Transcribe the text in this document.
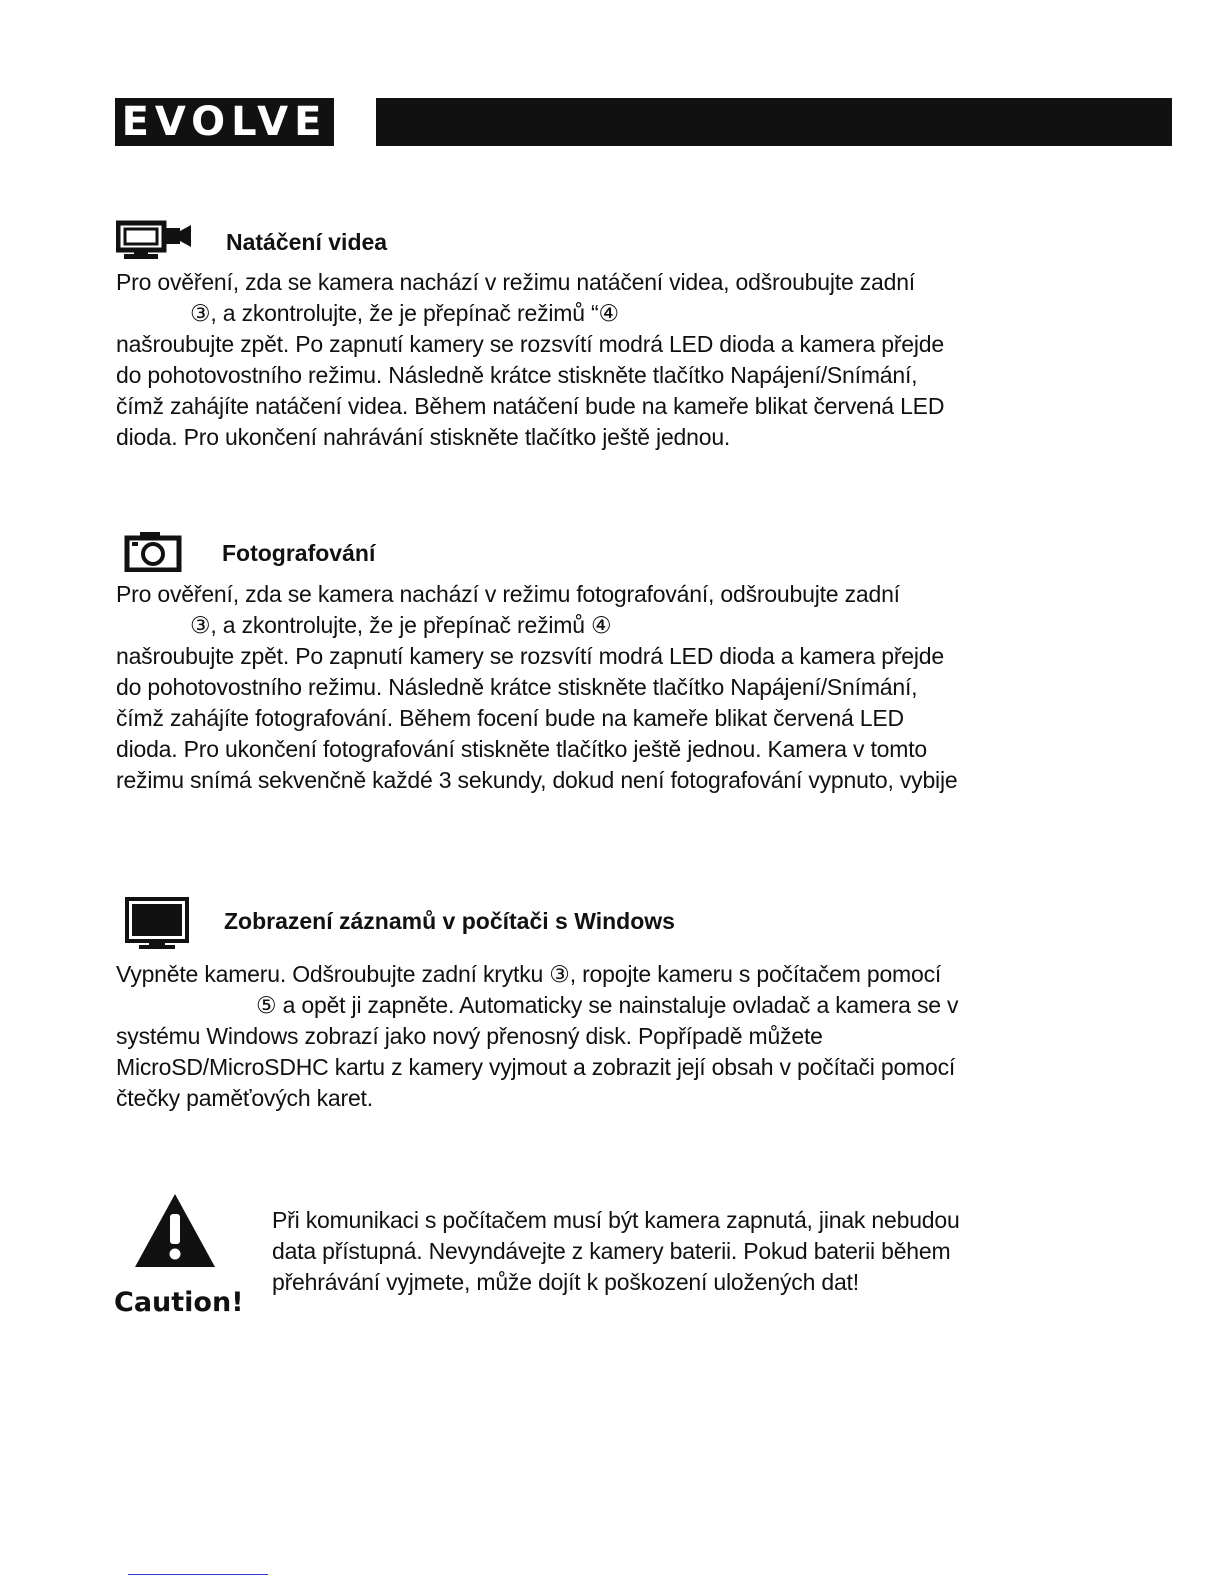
EVOLVE
Natáčení videa
Pro ověření, zda se kamera nachází v režimu natáčení videa, odšroubujte zadní
③, a zkontrolujte, že je přepínač režimů “④
našroubujte zpět. Po zapnutí kamery se rozsvítí modrá LED dioda a kamera přejde
do pohotovostního režimu. Následně krátce stiskněte tlačítko Napájení/Snímání,
čímž zahájíte natáčení videa. Během natáčení bude na kameře blikat červená LED
dioda. Pro ukončení nahrávání stiskněte tlačítko ještě jednou.
Fotografování
Pro ověření, zda se kamera nachází v režimu fotografování, odšroubujte zadní
③, a zkontrolujte, že je přepínač režimů ④
našroubujte zpět. Po zapnutí kamery se rozsvítí modrá LED dioda a kamera přejde
do pohotovostního režimu. Následně krátce stiskněte tlačítko Napájení/Snímání,
čímž zahájíte fotografování. Během focení bude na kameře blikat červená LED
dioda. Pro ukončení fotografování stiskněte tlačítko ještě jednou. Kamera v tomto
režimu snímá sekvenčně každé 3 sekundy, dokud není fotografování vypnuto, vybije
Zobrazení záznamů v počítači s Windows
Vypněte kameru. Odšroubujte zadní krytku ③, ropojte kameru s počítačem pomocí
⑤ a opět ji zapněte. Automaticky se nainstaluje ovladač a kamera se v
systému Windows zobrazí jako nový přenosný disk. Popřípadě můžete
MicroSD/MicroSDHC kartu z kamery vyjmout a zobrazit její obsah v počítači pomocí
čtečky paměťových karet.
Caution!
Při komunikaci s počítačem musí být kamera zapnutá, jinak nebudou
data přístupná. Nevyndávejte z kamery baterii. Pokud baterii během
přehrávání vyjmete, může dojít k poškození uložených dat!
